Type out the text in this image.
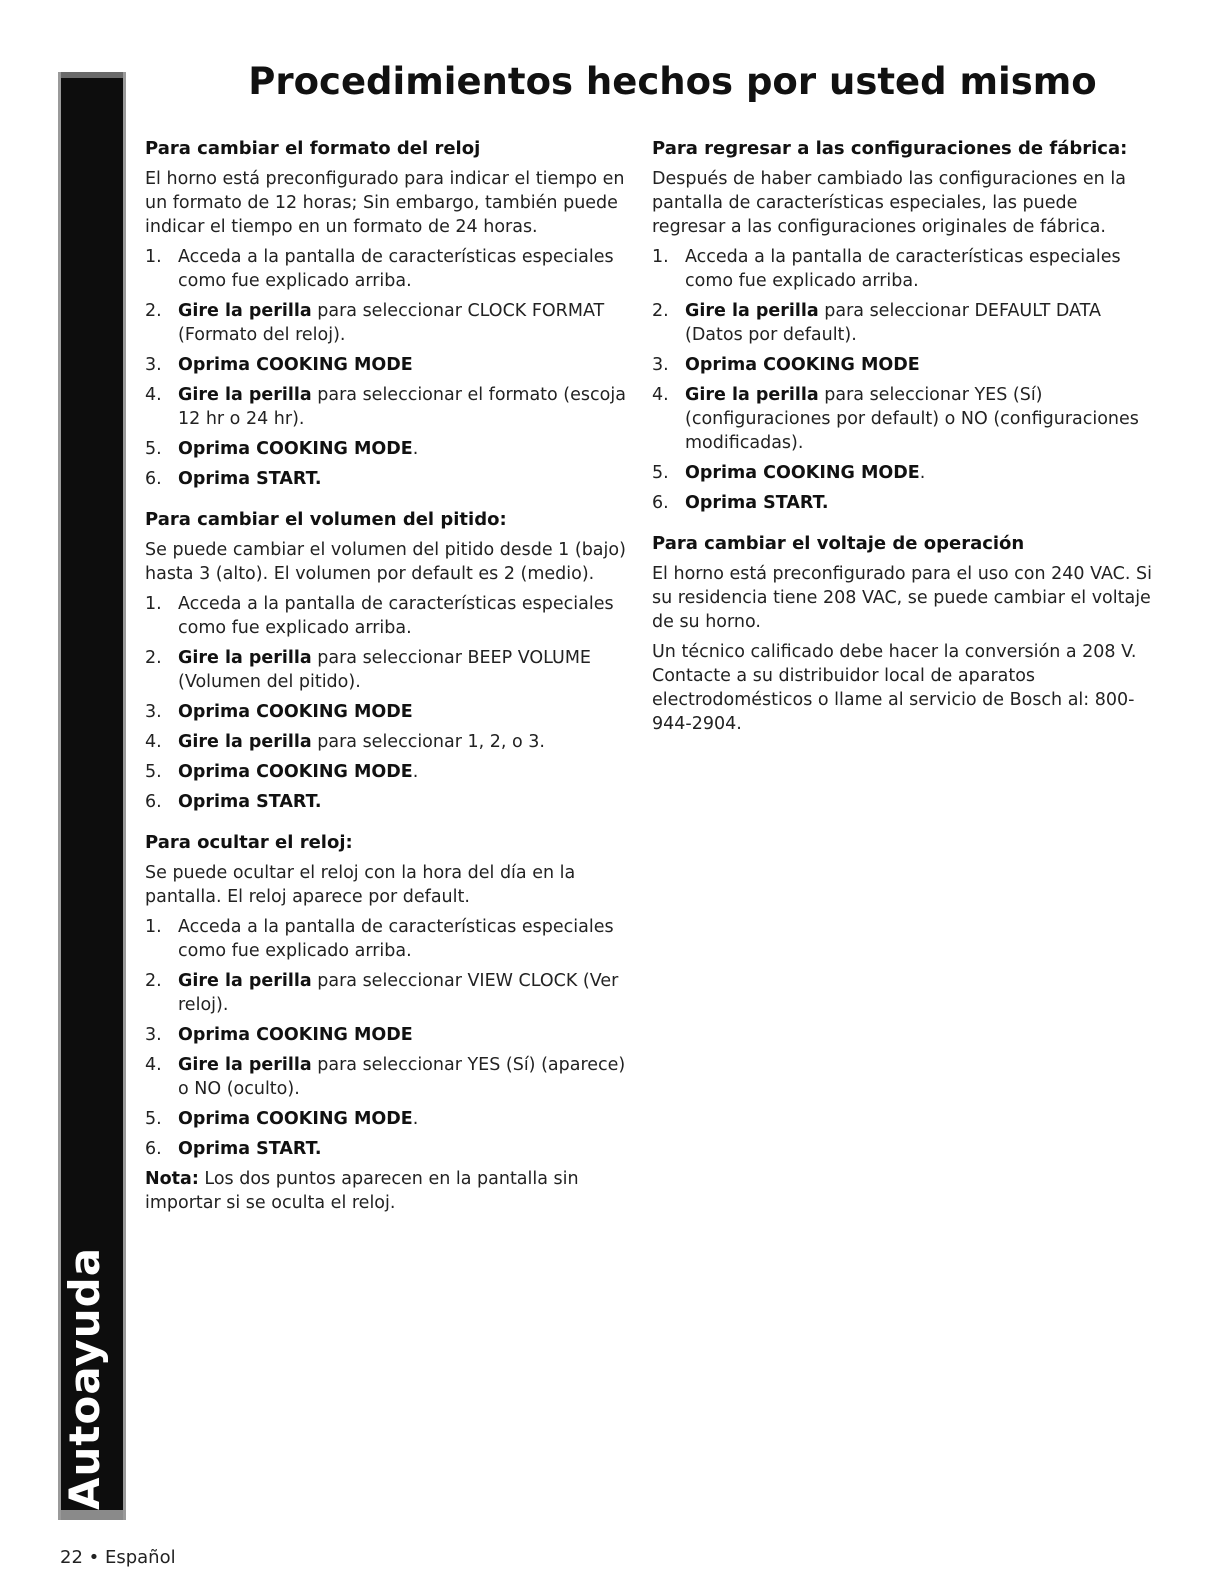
Autoayuda
Procedimientos hechos por usted mismo
Para cambiar el formato del reloj

El horno está preconfigurado para indicar el tiempo en un formato de 12 horas; Sin embargo, también puede indicar el tiempo en un formato de 24 horas.

1. Acceda a la pantalla de características especiales como fue explicado arriba.
2. Gire la perilla para seleccionar CLOCK FORMAT (Formato del reloj).
3. Oprima COOKING MODE
4. Gire la perilla para seleccionar el formato (escoja 12 hr o 24 hr).
5. Oprima COOKING MODE.
6. Oprima START.
Para cambiar el volumen del pitido:

Se puede cambiar el volumen del pitido desde 1 (bajo) hasta 3 (alto). El volumen por default es 2 (medio).

1. Acceda a la pantalla de características especiales como fue explicado arriba.
2. Gire la perilla para seleccionar BEEP VOLUME (Volumen del pitido).
3. Oprima COOKING MODE
4. Gire la perilla para seleccionar 1, 2, o 3.
5. Oprima COOKING MODE.
6. Oprima START.
Para ocultar el reloj:

Se puede ocultar el reloj con la hora del día en la pantalla. El reloj aparece por default.

1. Acceda a la pantalla de características especiales como fue explicado arriba.
2. Gire la perilla para seleccionar VIEW CLOCK (Ver reloj).
3. Oprima COOKING MODE
4. Gire la perilla para seleccionar YES (Sí) (aparece) o NO (oculto).
5. Oprima COOKING MODE.
6. Oprima START.

Nota: Los dos puntos aparecen en la pantalla sin importar si se oculta el reloj.

Para regresar a las configuraciones de fábrica:

Después de haber cambiado las configuraciones en la pantalla de características especiales, las puede regresar a las configuraciones originales de fábrica.

1. Acceda a la pantalla de características especiales como fue explicado arriba.
2. Gire la perilla para seleccionar DEFAULT DATA (Datos por default).
3. Oprima COOKING MODE
4. Gire la perilla para seleccionar YES (Sí) (configuraciones por default) o NO (configuraciones modificadas).
5. Oprima COOKING MODE.
6. Oprima START.
Para cambiar el voltaje de operación

El horno está preconfigurado para el uso con 240 VAC. Si su residencia tiene 208 VAC, se puede cambiar el voltaje de su horno.

Un técnico calificado debe hacer la conversión a 208 V. Contacte a su distribuidor local de aparatos electrodomésticos o llame al servicio de Bosch al: 800-944-2904.

22 • Español
